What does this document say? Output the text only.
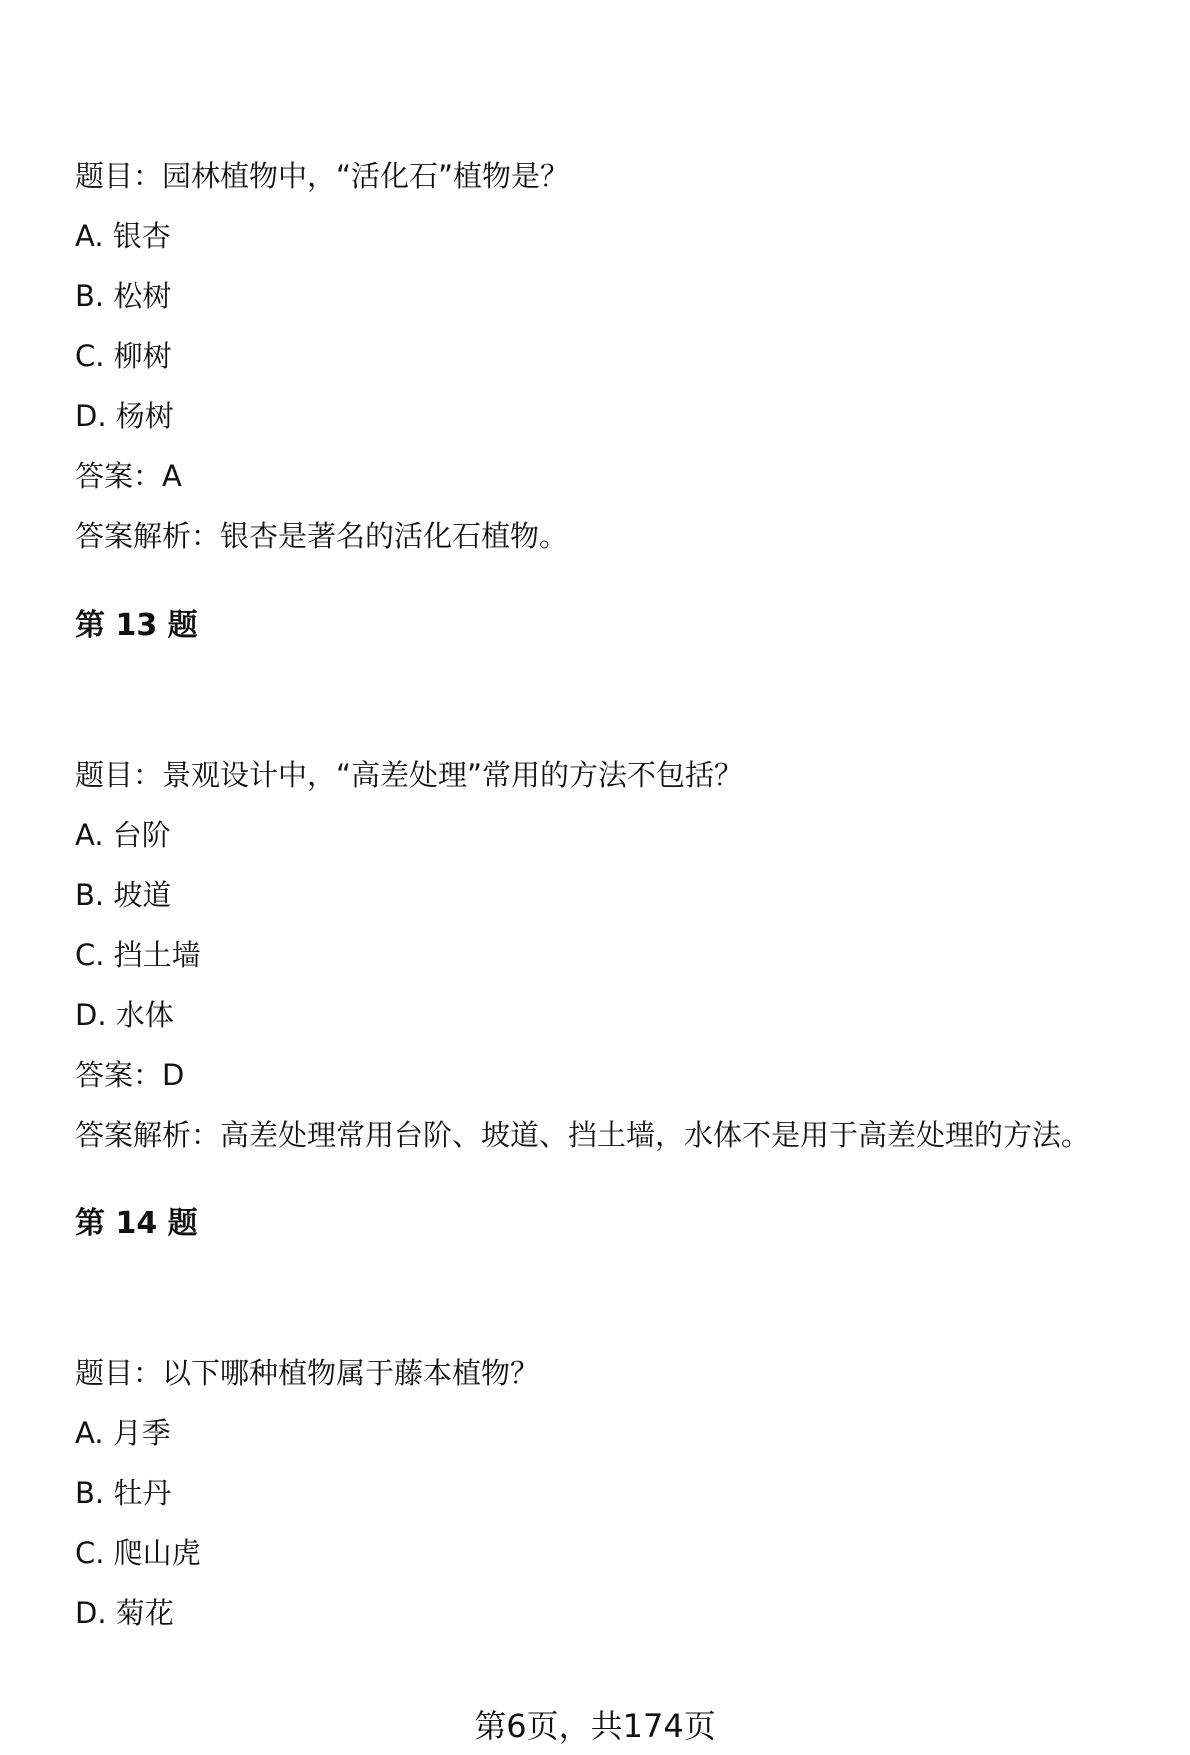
题目：园林植物中，“活化石”植物是？
A. 银杏
B. 松树
C. 柳树
D. 杨树
答案：A
答案解析：银杏是著名的活化石植物。
第 13 题
题目：景观设计中，“高差处理”常用的方法不包括？
A. 台阶
B. 坡道
C. 挡土墙
D. 水体
答案：D
答案解析：高差处理常用台阶、坡道、挡土墙，水体不是用于高差处理的方法。
第 14 题
题目：以下哪种植物属于藤本植物？
A. 月季
B. 牡丹
C. 爬山虎
D. 菊花
第6页，共174页
